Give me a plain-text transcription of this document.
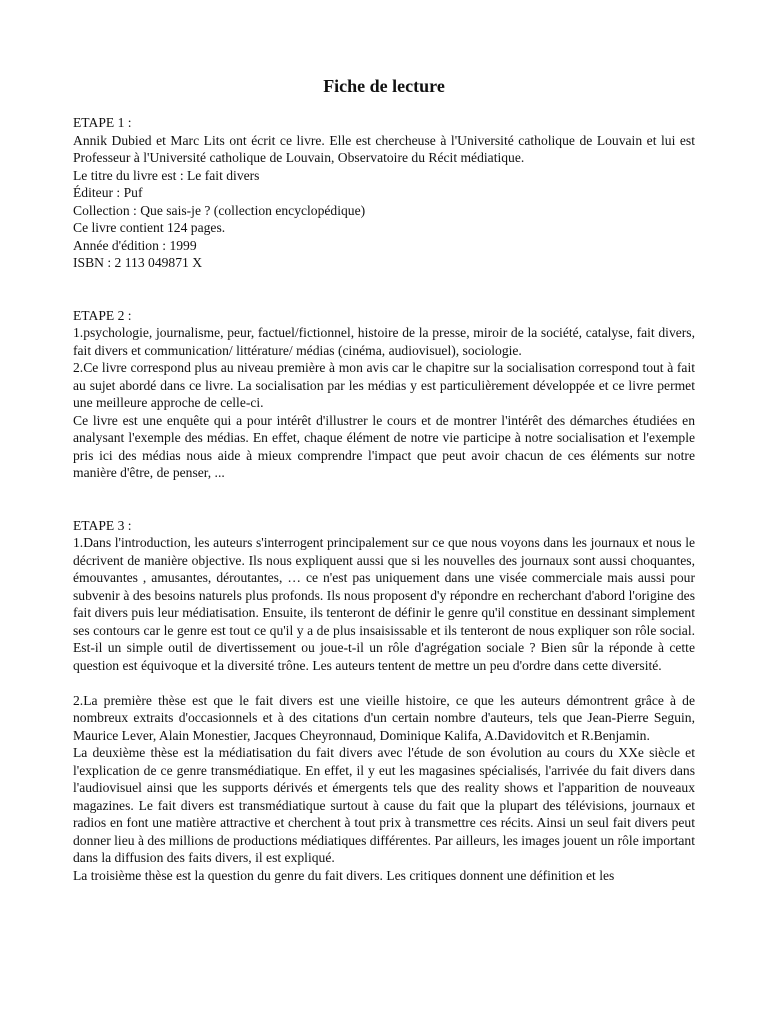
Fiche de lecture
ETAPE 1 :
Annik Dubied et Marc Lits ont écrit ce livre. Elle est chercheuse à l'Université catholique de Louvain et lui est Professeur à l'Université catholique de Louvain, Observatoire du Récit médiatique.
Le titre du livre est : Le fait divers
Éditeur : Puf
Collection : Que sais-je ? (collection encyclopédique)
Ce livre contient 124 pages.
Année d'édition : 1999
ISBN : 2 113 049871 X
ETAPE 2 :
1.psychologie, journalisme, peur, factuel/fictionnel, histoire de la presse, miroir de la société, catalyse, fait divers, fait divers et communication/ littérature/ médias (cinéma, audiovisuel), sociologie.
2.Ce livre correspond plus au niveau première à mon avis car le chapitre sur la socialisation correspond tout à fait au sujet abordé dans ce livre. La socialisation par les médias y est particulièrement développée et ce livre permet une meilleure approche de celle-ci.
Ce livre est une enquête qui a pour intérêt d'illustrer le cours et de montrer l'intérêt des démarches étudiées en analysant l'exemple des médias. En effet, chaque élément de notre vie participe à notre socialisation et l'exemple pris ici des médias nous aide à mieux comprendre l'impact que peut avoir chacun de ces éléments sur notre manière d'être, de penser, ...
ETAPE 3 :
1.Dans l'introduction, les auteurs s'interrogent principalement sur ce que nous voyons dans les journaux et nous le décrivent de manière objective. Ils nous expliquent aussi que si les nouvelles des journaux sont aussi choquantes, émouvantes , amusantes, déroutantes, … ce n'est pas uniquement dans une visée commerciale mais aussi pour subvenir à des besoins naturels plus profonds. Ils nous proposent d'y répondre en recherchant d'abord l'origine des fait divers puis leur médiatisation. Ensuite, ils tenteront de définir le genre qu'il constitue en dessinant simplement ses contours car le genre est tout ce qu'il y a de plus insaisissable et ils tenteront de nous expliquer son rôle social. Est-il un simple outil de divertissement ou joue-t-il un rôle d'agrégation sociale ? Bien sûr la réponde à cette question est équivoque et la diversité trône. Les auteurs tentent de mettre un peu d'ordre dans cette diversité.
2.La première thèse est que le fait divers est une vieille histoire, ce que les auteurs démontrent grâce à de nombreux extraits d'occasionnels et à des citations d'un certain nombre d'auteurs, tels que Jean-Pierre Seguin, Maurice Lever, Alain Monestier, Jacques Cheyronnaud, Dominique Kalifa, A.Davidovitch et R.Benjamin.
La deuxième thèse est la médiatisation du fait divers avec l'étude de son évolution au cours du XXe siècle et l'explication de ce genre transmédiatique. En effet, il y eut les magasines spécialisés, l'arrivée du fait divers dans l'audiovisuel ainsi que les supports dérivés et émergents tels que des reality shows et l'apparition de nouveaux magazines. Le fait divers est transmédiatique surtout à cause du fait que la plupart des télévisions, journaux et radios en font une matière attractive et cherchent à tout prix à transmettre ces récits. Ainsi un seul fait divers peut donner lieu à des millions de productions médiatiques différentes. Par ailleurs, les images jouent un rôle important dans la diffusion des faits divers, il est expliqué.
La troisième thèse est la question du genre du fait divers. Les critiques donnent une définition et les
